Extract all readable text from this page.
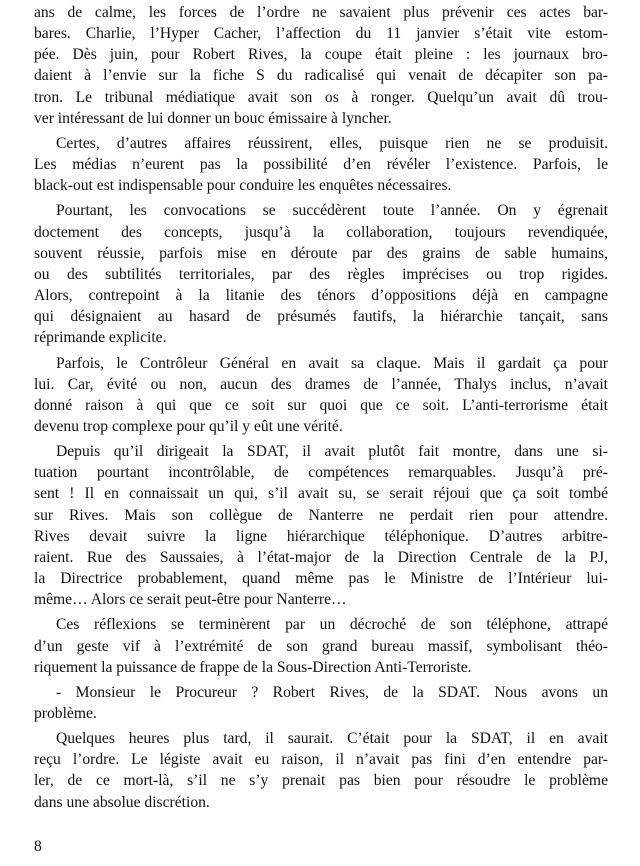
ans de calme, les forces de l’ordre ne savaient plus prévenir ces actes bar-
bares. Charlie, l’Hyper Cacher, l’affection du 11 janvier s’était vite estom-
pée. Dès juin, pour Robert Rives, la coupe était pleine : les journaux bro-
daient à l’envie sur la fiche S du radicalisé qui venait de décapiter son pa-
tron. Le tribunal médiatique avait son os à ronger. Quelqu’un avait dû trou-
ver intéressant de lui donner un bouc émissaire à lyncher.
Certes, d’autres affaires réussirent, elles, puisque rien ne se produisit.
Les médias n’eurent pas la possibilité d’en révéler l’existence. Parfois, le
black-out est indispensable pour conduire les enquêtes nécessaires.
Pourtant, les convocations se succédèrent toute l’année. On y égrenait
doctement des concepts, jusqu’à la collaboration, toujours revendiquée,
souvent réussie, parfois mise en déroute par des grains de sable humains,
ou des subtilités territoriales, par des règles imprécises ou trop rigides.
Alors, contrepoint à la litanie des ténors d’oppositions déjà en campagne
qui désignaient au hasard de présumés fautifs, la hiérarchie tançait, sans
réprimande explicite.
Parfois, le Contrôleur Général en avait sa claque. Mais il gardait ça pour
lui. Car, évité ou non, aucun des drames de l’année, Thalys inclus, n’avait
donné raison à qui que ce soit sur quoi que ce soit. L’anti-terrorisme était
devenu trop complexe pour qu’il y eût une vérité.
Depuis qu’il dirigeait la SDAT, il avait plutôt fait montre, dans une si-
tuation pourtant incontrôlable, de compétences remarquables. Jusqu’à pré-
sent ! Il en connaissait un qui, s’il avait su, se serait réjoui que ça soit tombé
sur Rives. Mais son collègue de Nanterre ne perdait rien pour attendre.
Rives devait suivre la ligne hiérarchique téléphonique. D’autres arbitre-
raient. Rue des Saussaies, à l’état-major de la Direction Centrale de la PJ,
la Directrice probablement, quand même pas le Ministre de l’Intérieur lui-
même… Alors ce serait peut-être pour Nanterre…
Ces réflexions se terminèrent par un décroché de son téléphone, attrapé
d’un geste vif à l’extrémité de son grand bureau massif, symbolisant théo-
riquement la puissance de frappe de la Sous-Direction Anti-Terroriste.
- Monsieur le Procureur ? Robert Rives, de la SDAT. Nous avons un
problème.
Quelques heures plus tard, il saurait. C’était pour la SDAT, il en avait
reçu l’ordre. Le légiste avait eu raison, il n’avait pas fini d’en entendre par-
ler, de ce mort-là, s’il ne s’y prenait pas bien pour résoudre le problème
dans une absolue discrétion.
8
